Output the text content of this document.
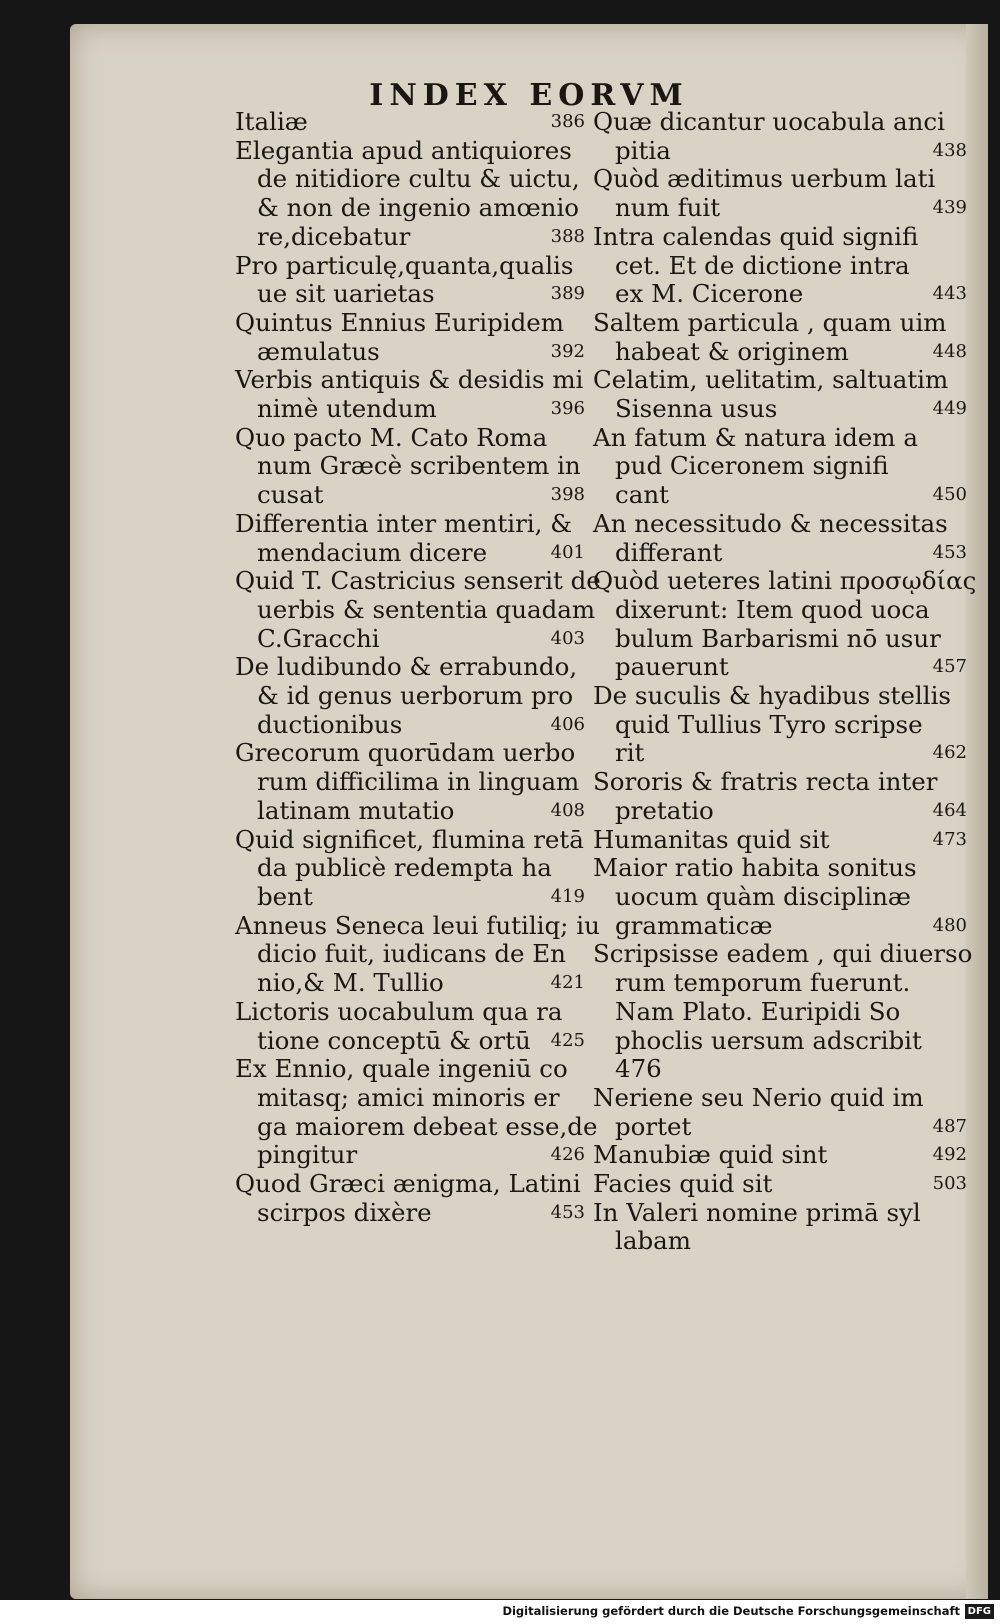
INDEX EORVM
Italiæ	386
Elegantia apud antiquiores
de nitidiore cultu & uictu,
& non de ingenio amœnio
re,dicebatur	388
Pro particulę,quanta,qualis
ue sit uarietas	389
Quintus Ennius Euripidem
æmulatus	392
Verbis antiquis & desidis mi
nimè utendum	396
Quo pacto M. Cato Roma
num Græcè scribentem in
cusat	398
Differentia inter mentiri, &
mendacium dicere	401
Quid T. Castricius senserit de
uerbis & sententia quadam
C.Gracchi	403
De ludibundo & errabundo,
& id genus uerborum pro
ductionibus	406
Grecorum quorūdam uerbo
rum difficilima in linguam
latinam mutatio	408
Quid significet, flumina retā
da publicè redempta ha
bent	419
Anneus Seneca leui futiliq; iu
dicio fuit, iudicans de En
nio,& M. Tullio	421
Lictoris uocabulum qua ra
tione conceptū & ortū	425
Ex Ennio, quale ingeniū co
mitasq; amici minoris er
ga maiorem debeat esse,de
pingitur	426
Quod Græci ænigma, Latini
scirpos dixère	453
Quæ dicantur uocabula anci
pitia	438
Quòd æditimus uerbum lati
num fuit	439
Intra calendas quid signifi
cet. Et de dictione intra
ex M. Cicerone	443
Saltem particula , quam uim
habeat & originem	448
Celatim, uelitatim, saltuatim
Sisenna usus	449
An fatum & natura idem a
pud Ciceronem signifi
cant	450
An necessitudo & necessitas
differant	453
Quòd ueteres latini προσῳδίας
dixerunt: Item quod uoca
bulum Barbarismi nō usur
pauerunt	457
De suculis & hyadibus stellis
quid Tullius Tyro scripse
rit	462
Sororis & fratris recta inter
pretatio	464
Humanitas quid sit	473
Maior ratio habita sonitus
uocum quàm disciplinæ
grammaticæ	480
Scripsisse eadem , qui diuerso
rum temporum fuerunt.
Nam Plato. Euripidi So
phoclis uersum adscribit
476
Neriene seu Nerio quid im
portet	487
Manubiæ quid sint	492
Facies quid sit	503
In Valeri nomine primā syl
labam
Digitalisierung gefördert durch die Deutsche Forschungsgemeinschaft DFG
